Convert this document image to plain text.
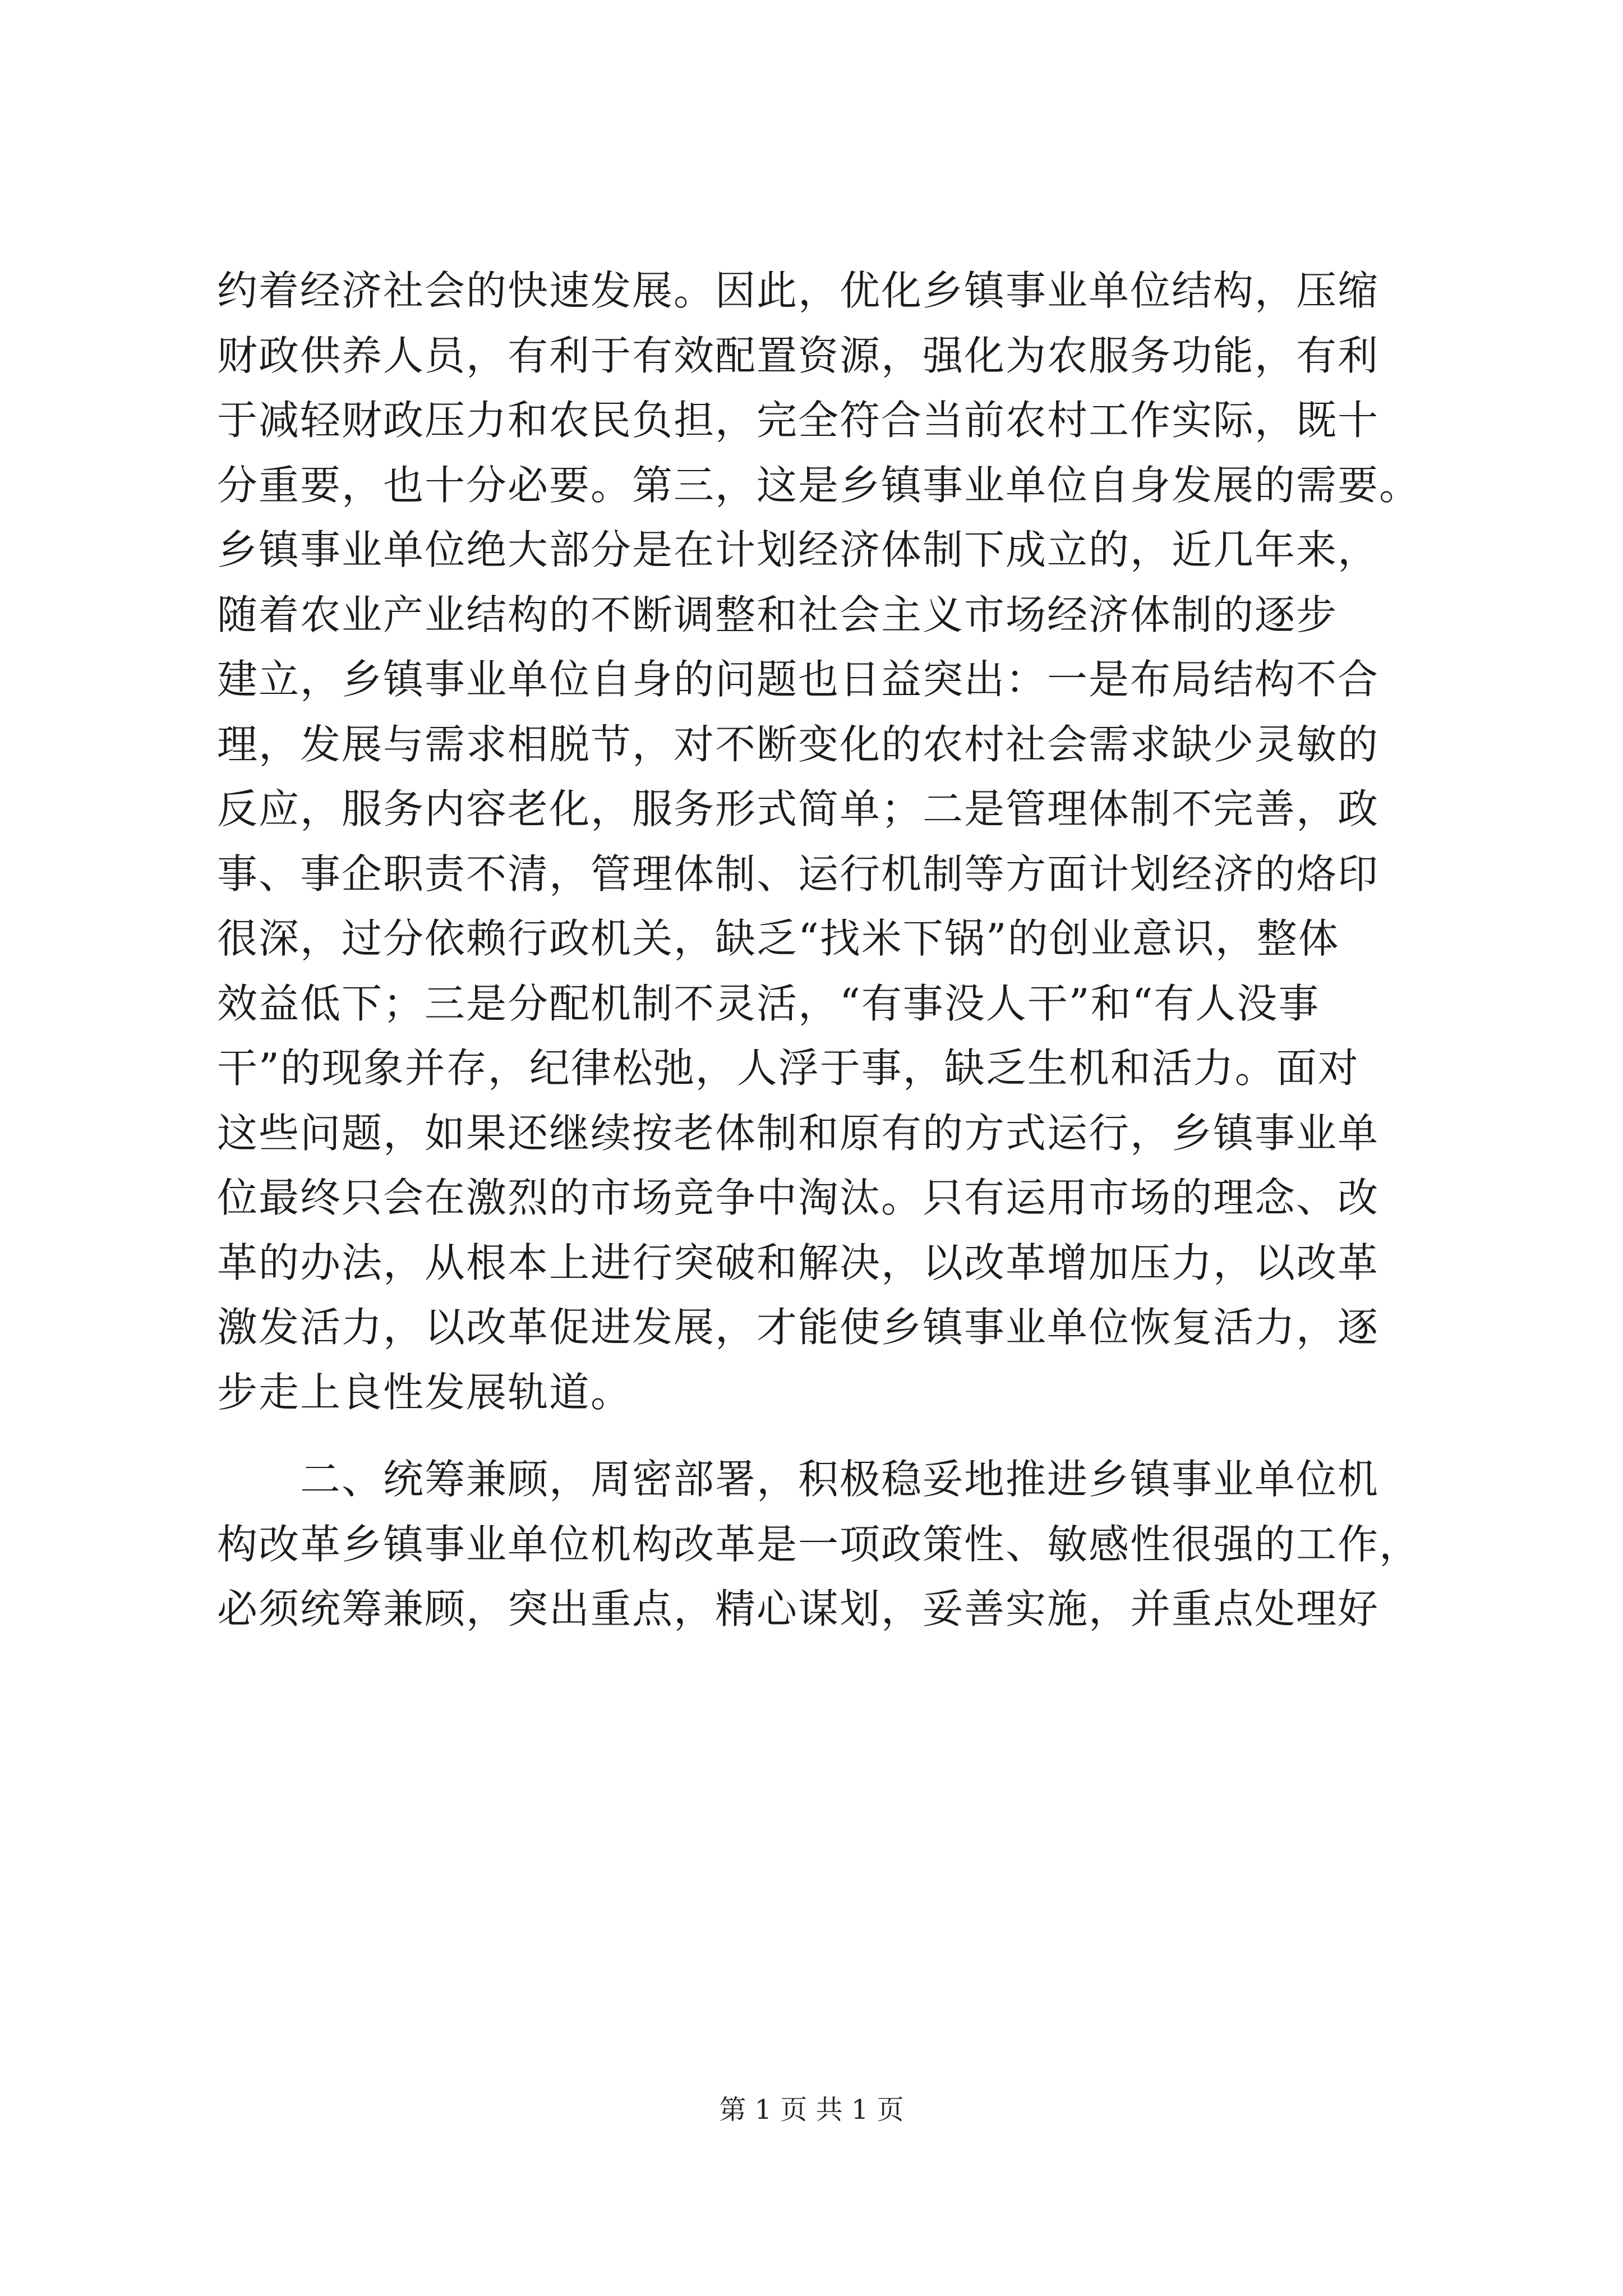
约着经济社会的快速发展。因此，优化乡镇事业单位结构，压缩
财政供养人员，有利于有效配置资源，强化为农服务功能，有利
于减轻财政压力和农民负担，完全符合当前农村工作实际，既十
分重要，也十分必要。第三，这是乡镇事业单位自身发展的需要。
乡镇事业单位绝大部分是在计划经济体制下成立的，近几年来，
随着农业产业结构的不断调整和社会主义市场经济体制的逐步
建立，乡镇事业单位自身的问题也日益突出：一是布局结构不合
理，发展与需求相脱节，对不断变化的农村社会需求缺少灵敏的
反应，服务内容老化，服务形式简单；二是管理体制不完善，政
事、事企职责不清，管理体制、运行机制等方面计划经济的烙印
很深，过分依赖行政机关，缺乏“找米下锅”的创业意识，整体
效益低下；三是分配机制不灵活，“有事没人干”和“有人没事
干”的现象并存，纪律松弛，人浮于事，缺乏生机和活力。面对
这些问题，如果还继续按老体制和原有的方式运行，乡镇事业单
位最终只会在激烈的市场竞争中淘汰。只有运用市场的理念、改
革的办法，从根本上进行突破和解决，以改革增加压力，以改革
激发活力，以改革促进发展，才能使乡镇事业单位恢复活力，逐
步走上良性发展轨道。
　　二、统筹兼顾，周密部署，积极稳妥地推进乡镇事业单位机
构改革乡镇事业单位机构改革是一项政策性、敏感性很强的工作，
必须统筹兼顾，突出重点，精心谋划，妥善实施，并重点处理好
第 1 页 共 1 页
